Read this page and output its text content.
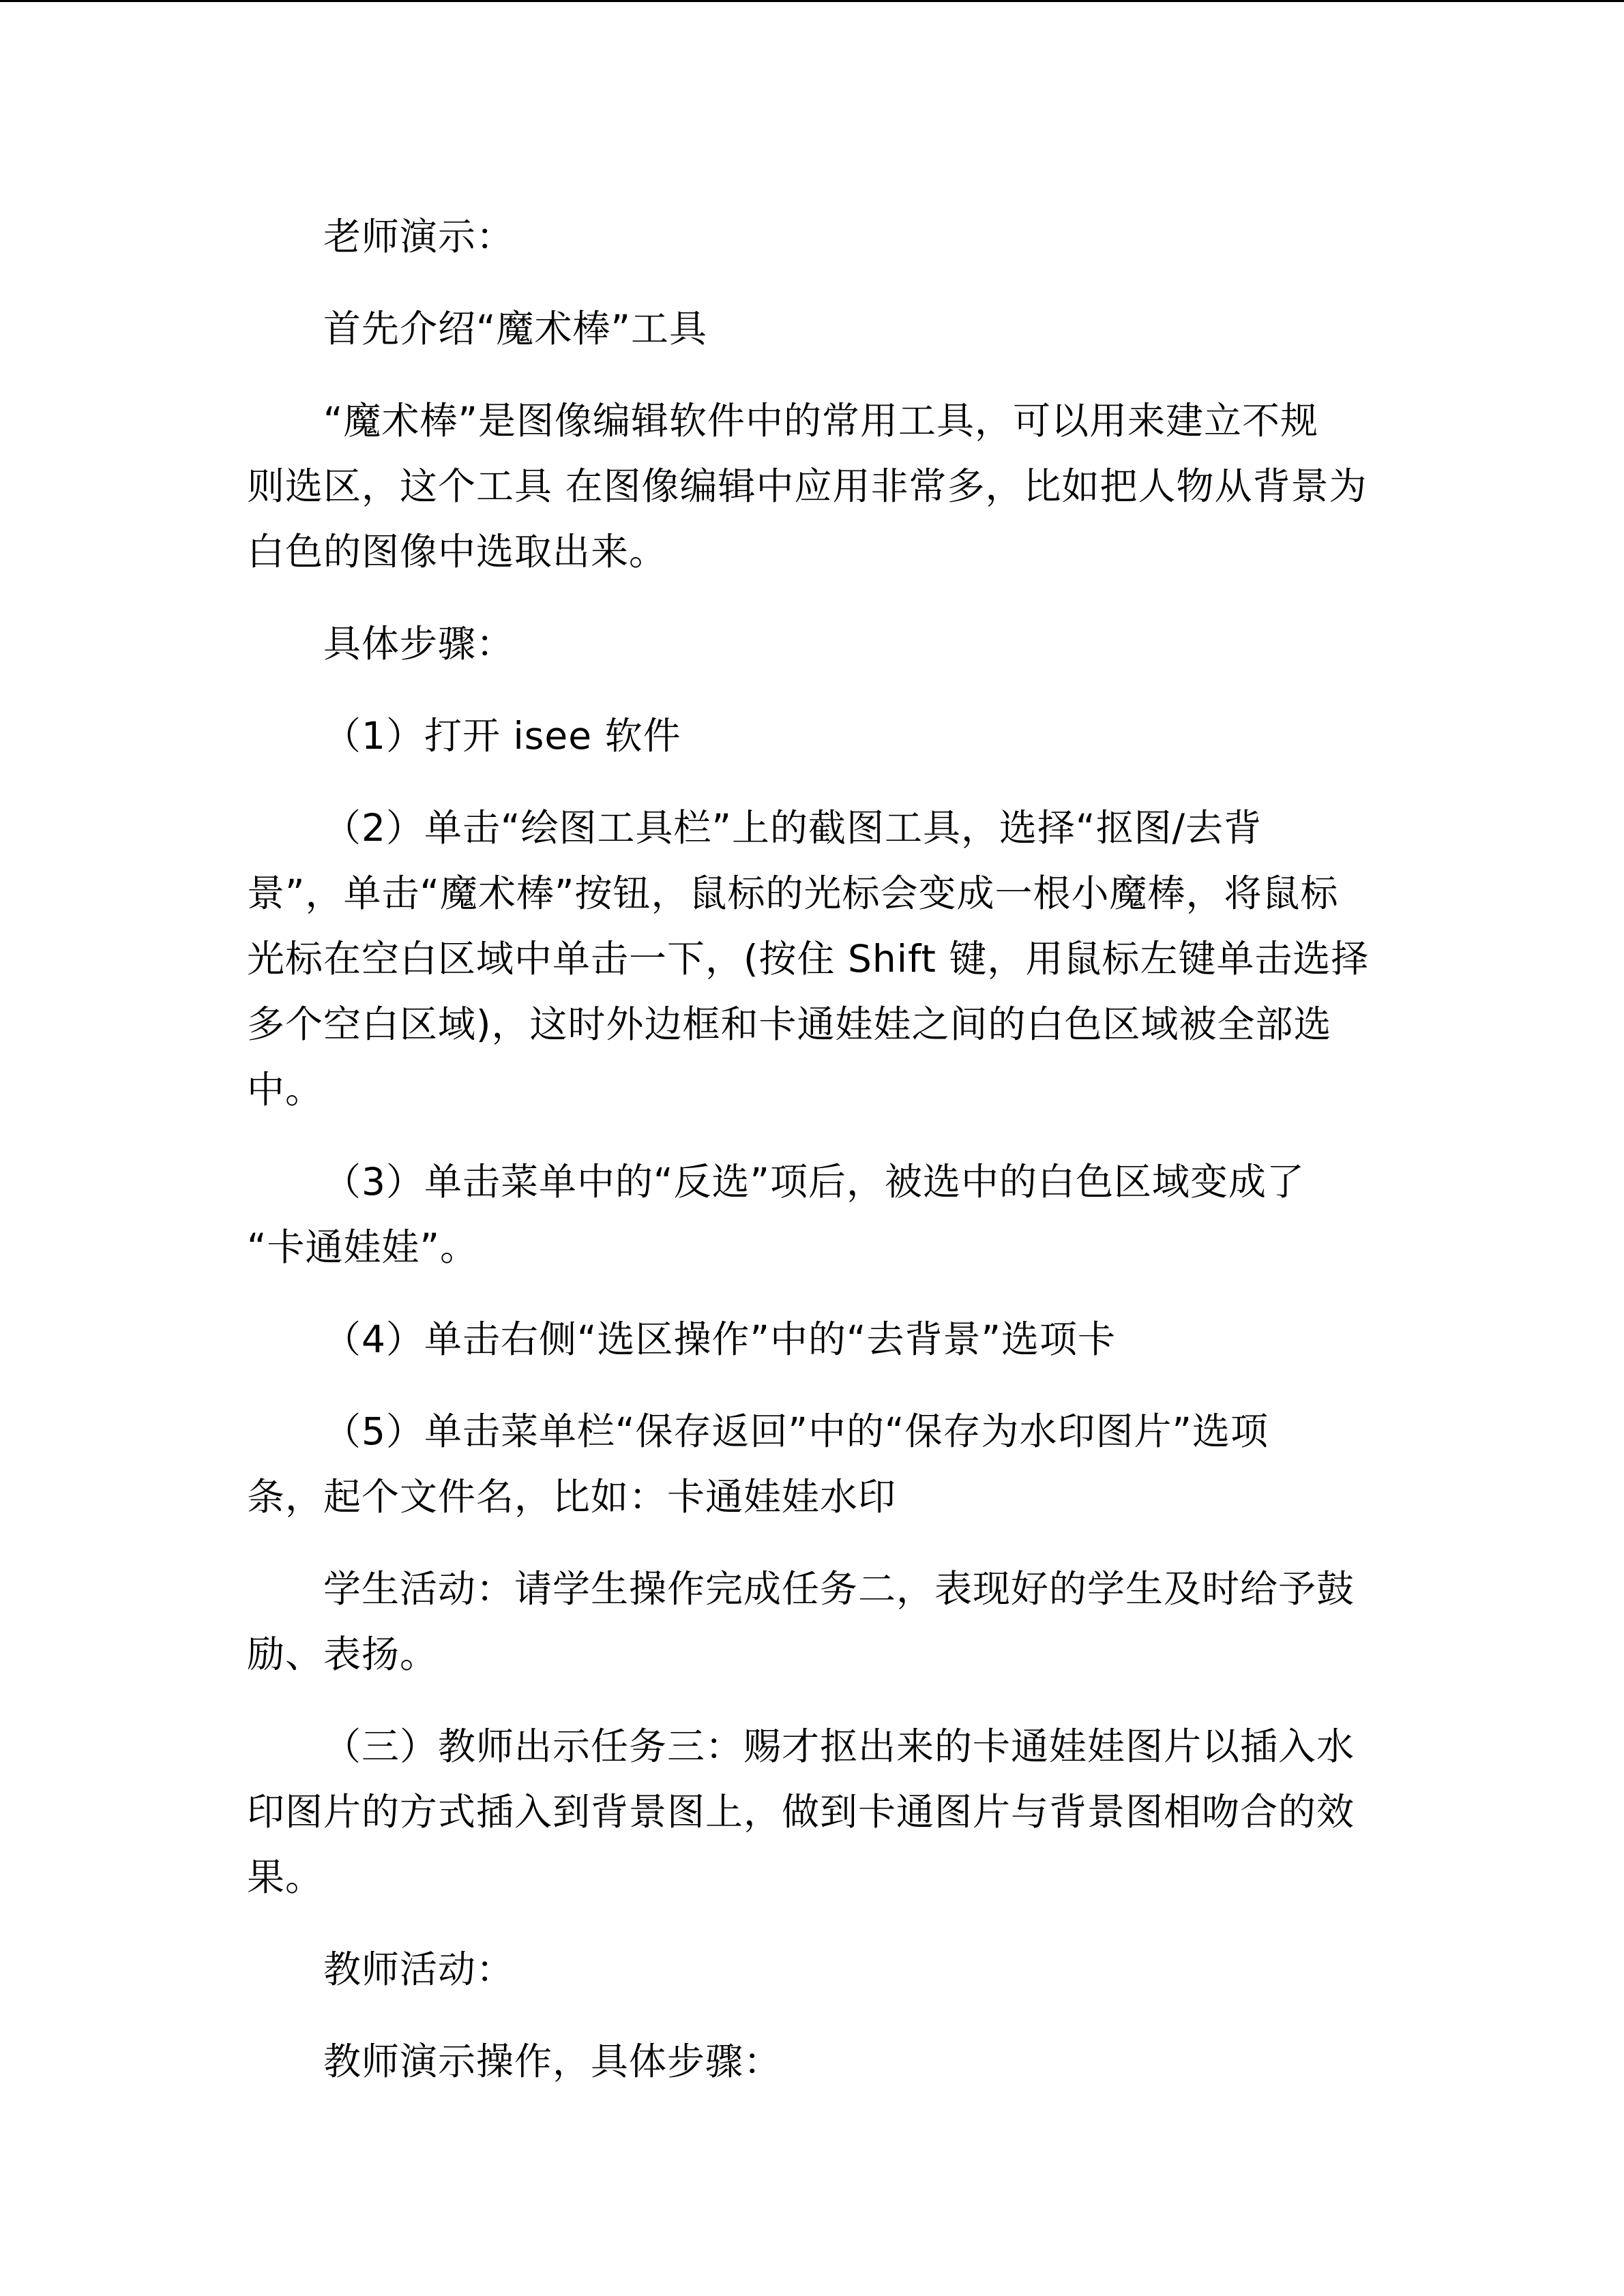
老师演示：
首先介绍“魔术棒”工具
“魔术棒”是图像编辑软件中的常用工具，可以用来建立不规
则选区，这个工具 在图像编辑中应用非常多，比如把人物从背景为
白色的图像中选取出来。
具体步骤：
（1）打开 isee 软件
（2）单击“绘图工具栏”上的截图工具，选择“抠图/去背
景”，单击“魔术棒”按钮，鼠标的光标会变成一根小魔棒，将鼠标
光标在空白区域中单击一下，(按住 Shift 键，用鼠标左键单击选择
多个空白区域)，这时外边框和卡通娃娃之间的白色区域被全部选
中。
（3）单击菜单中的“反选”项后，被选中的白色区域变成了
“卡通娃娃”。
（4）单击右侧“选区操作”中的“去背景”选项卡
（5）单击菜单栏“保存返回”中的“保存为水印图片”选项
条，起个文件名，比如：卡通娃娃水印
学生活动：请学生操作完成任务二，表现好的学生及时给予鼓
励、表扬。
（三）教师出示任务三：赐才抠出来的卡通娃娃图片以插入水
印图片的方式插入到背景图上，做到卡通图片与背景图相吻合的效
果。
教师活动：
教师演示操作，具体步骤：
